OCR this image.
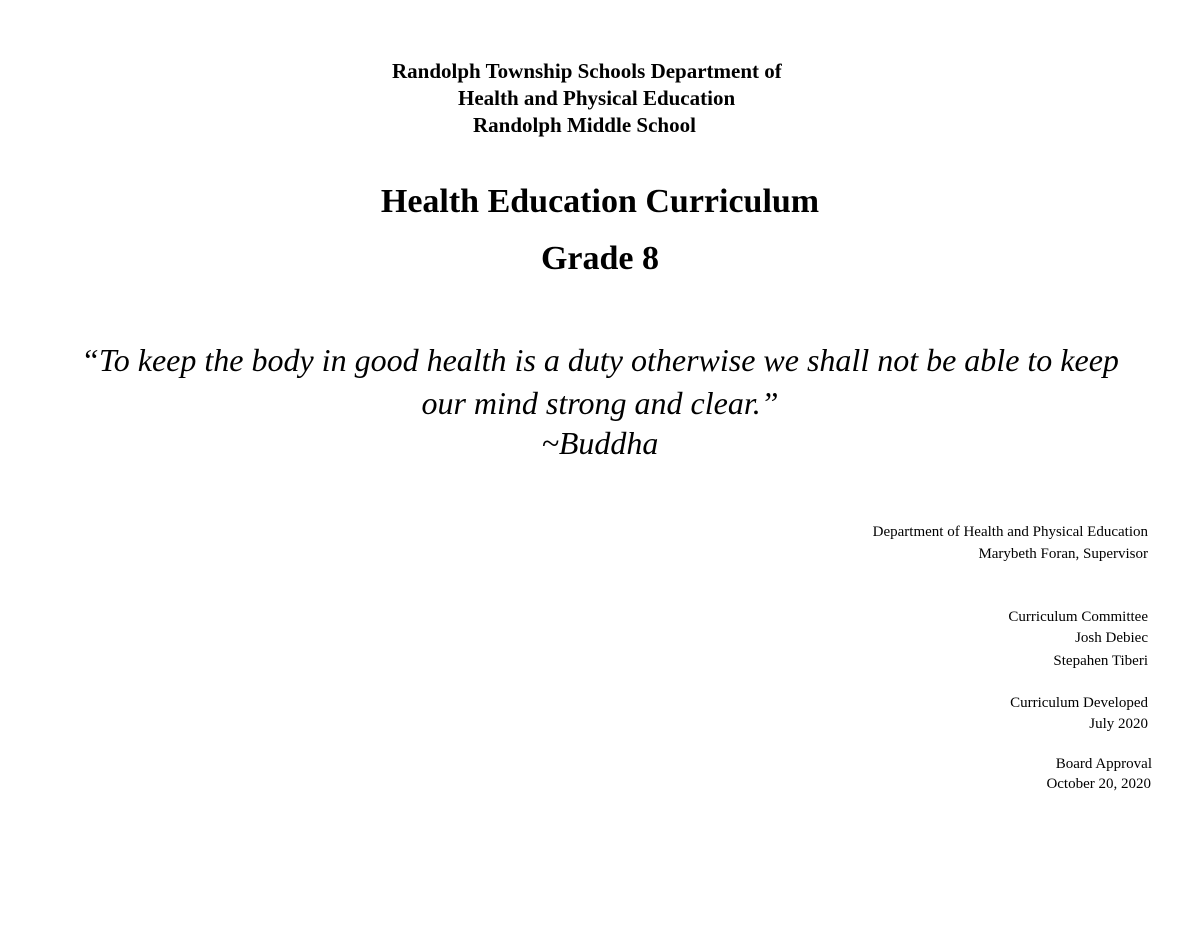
Randolph Township Schools Department of
Health and Physical Education
Randolph Middle School
Health Education Curriculum
Grade 8
“To keep the body in good health is a duty otherwise we shall not be able to keep
our mind strong and clear.”
~Buddha
Department of Health and Physical Education
Marybeth Foran, Supervisor
Curriculum Committee
Josh Debiec
Stepahen Tiberi
Curriculum Developed
July 2020
Board Approval
October 20, 2020
